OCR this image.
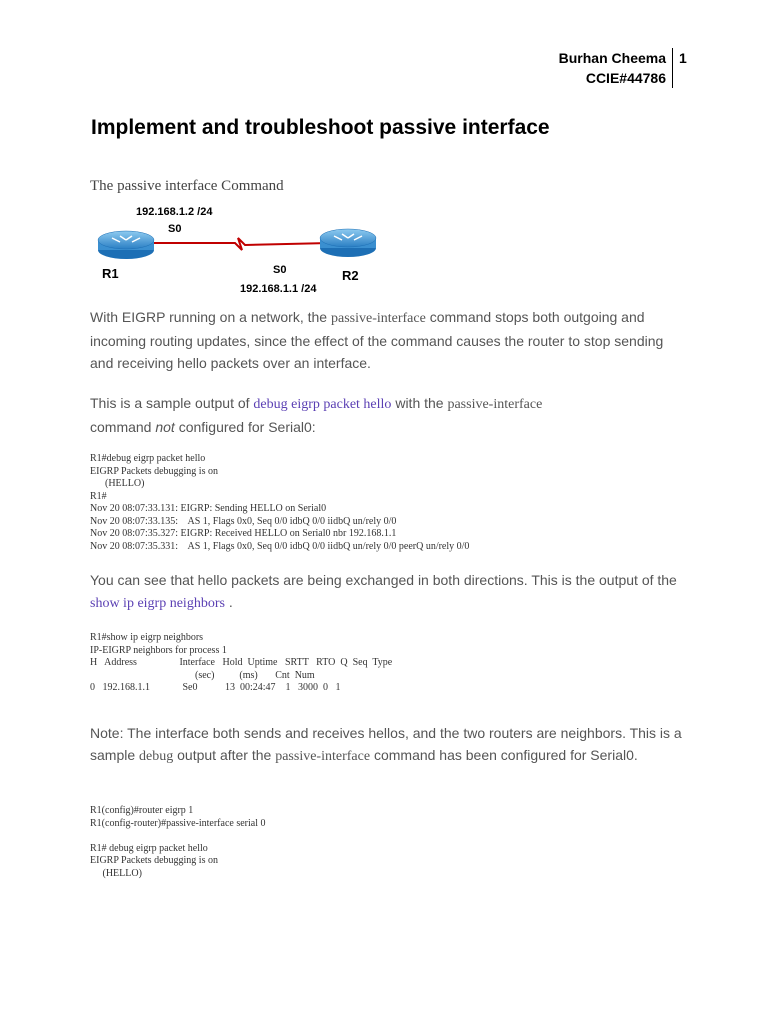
Burhan Cheema
CCIE#44786
1
Implement and troubleshoot passive interface
The passive interface Command
192.168.1.2 /24
S0
R1	S0	R2
192.168.1.1 /24
With EIGRP running on a network, the passive-interface command stops both outgoing and incoming routing updates, since the effect of the command causes the router to stop sending and receiving hello packets over an interface.
This is a sample output of debug eigrp packet hello with the passive-interface command not configured for Serial0:
R1#debug eigrp packet hello
EIGRP Packets debugging is on
(HELLO)
R1#
Nov 20 08:07:33.131: EIGRP: Sending HELLO on Serial0
Nov 20 08:07:33.135:    AS 1, Flags 0x0, Seq 0/0 idbQ 0/0 iidbQ un/rely 0/0
Nov 20 08:07:35.327: EIGRP: Received HELLO on Serial0 nbr 192.168.1.1
Nov 20 08:07:35.331:    AS 1, Flags 0x0, Seq 0/0 idbQ 0/0 iidbQ un/rely 0/0 peerQ un/rely 0/0
You can see that hello packets are being exchanged in both directions. This is the output of the show ip eigrp neighbors .
R1#show ip eigrp neighbors
IP-EIGRP neighbors for process 1
H   Address                 Interface   Hold  Uptime   SRTT   RTO  Q  Seq  Type
(sec)          (ms)       Cnt  Num
0   192.168.1.1             Se0           13  00:24:47    1   3000  0   1
Note: The interface both sends and receives hellos, and the two routers are neighbors. This is a sample debug output after the passive-interface command has been configured for Serial0.
R1(config)#router eigrp 1
R1(config-router)#passive-interface serial 0

R1# debug eigrp packet hello
EIGRP Packets debugging is on
(HELLO)
